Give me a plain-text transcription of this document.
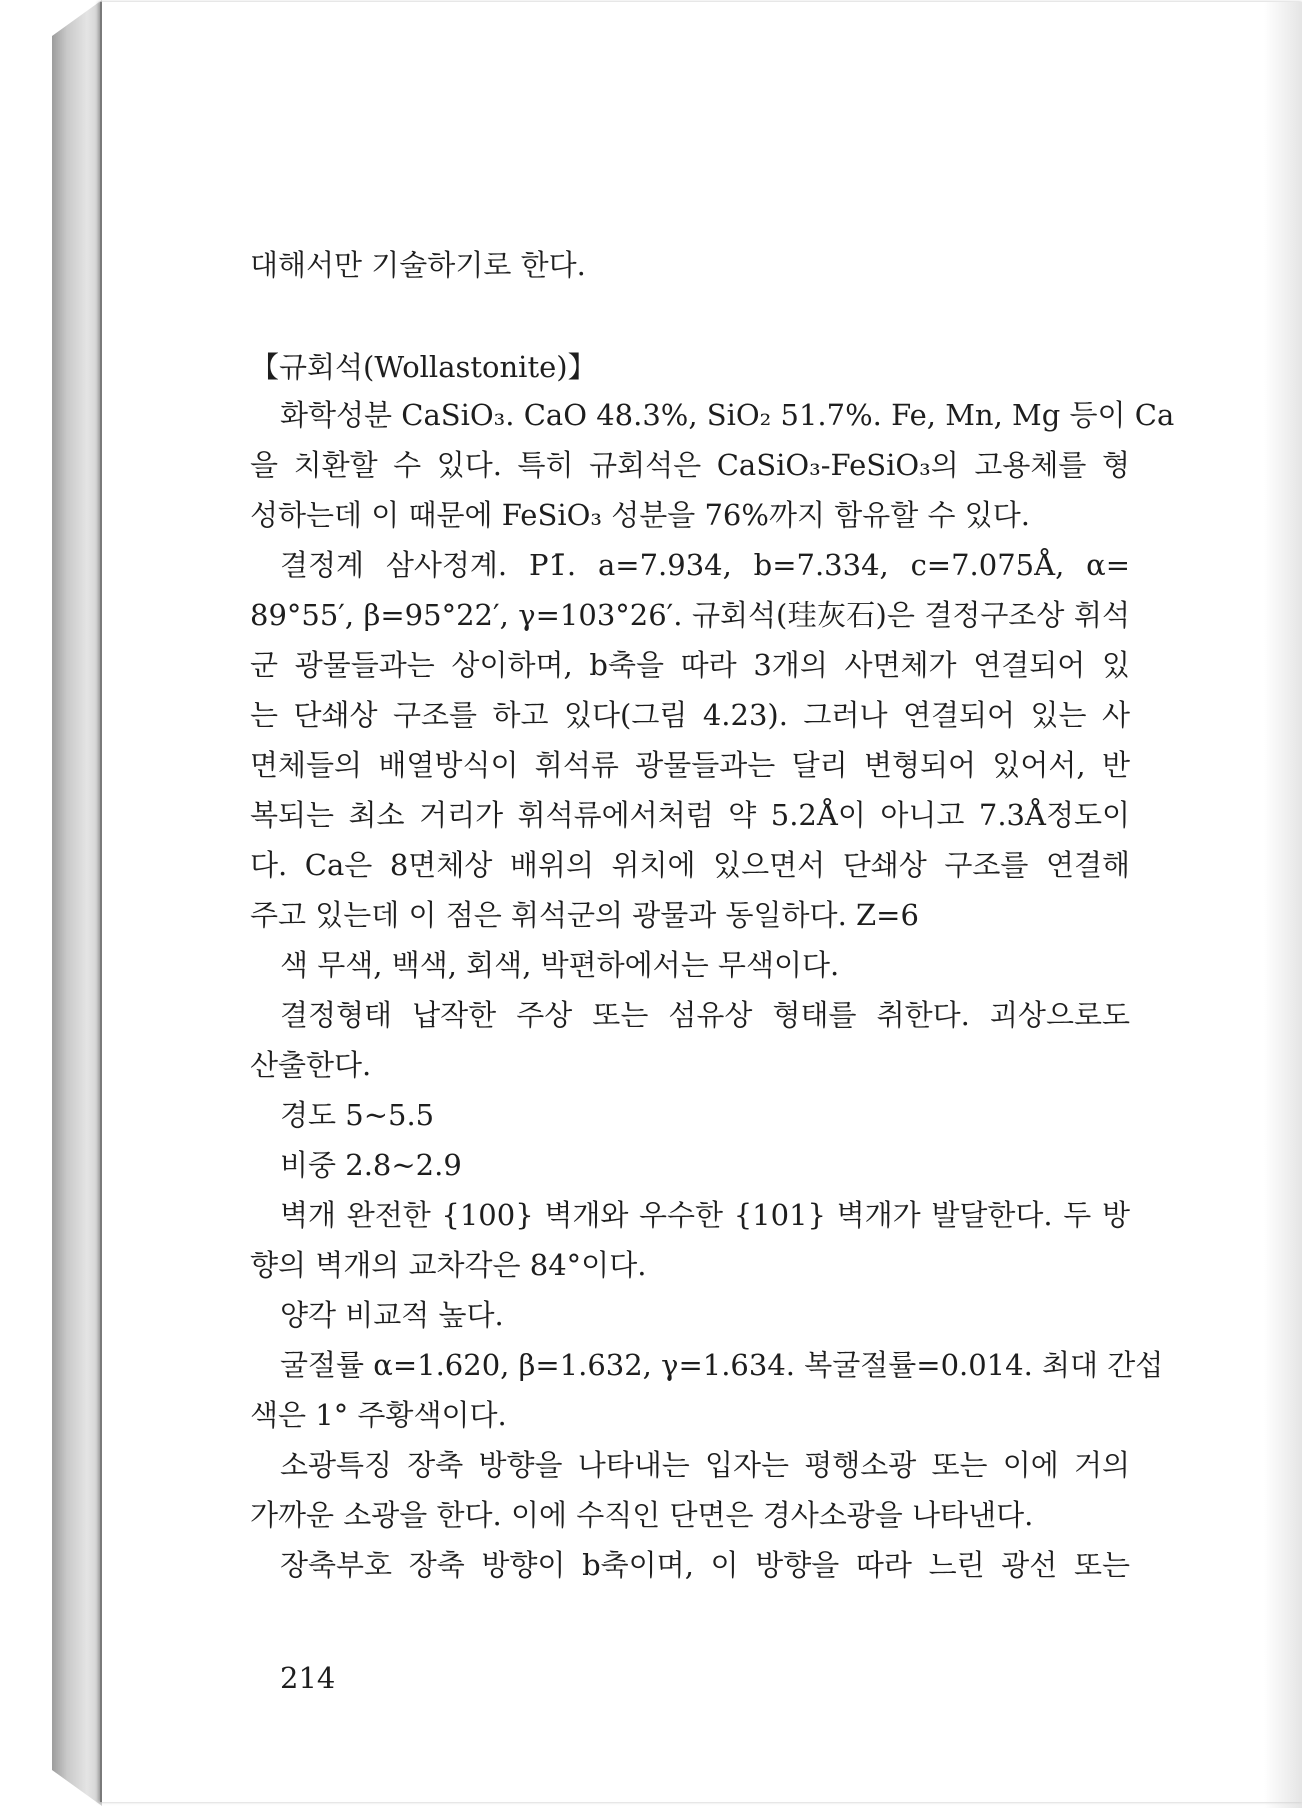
대해서만 기술하기로 한다.
【규회석(Wollastonite)】
화학성분 CaSiO₃. CaO 48.3%, SiO₂ 51.7%. Fe, Mn, Mg 등이 Ca
을 치환할 수 있다. 특히 규회석은 CaSiO₃-FeSiO₃의 고용체를 형
성하는데 이 때문에 FeSiO₃ 성분을 76%까지 함유할 수 있다.
결정계 삼사정계. P1̄. a=7.934, b=7.334, c=7.075Å, α=
89°55′, β=95°22′, γ=103°26′. 규회석(珪灰石)은 결정구조상 휘석
군 광물들과는 상이하며, b축을 따라 3개의 사면체가 연결되어 있
는 단쇄상 구조를 하고 있다(그림 4.23). 그러나 연결되어 있는 사
면체들의 배열방식이 휘석류 광물들과는 달리 변형되어 있어서, 반
복되는 최소 거리가 휘석류에서처럼 약 5.2Å이 아니고 7.3Å정도이
다. Ca은 8면체상 배위의 위치에 있으면서 단쇄상 구조를 연결해
주고 있는데 이 점은 휘석군의 광물과 동일하다. Z=6
색 무색, 백색, 회색, 박편하에서는 무색이다.
결정형태 납작한 주상 또는 섬유상 형태를 취한다. 괴상으로도
산출한다.
경도 5~5.5
비중 2.8~2.9
벽개 완전한 {100} 벽개와 우수한 {101} 벽개가 발달한다. 두 방
향의 벽개의 교차각은 84°이다.
양각 비교적 높다.
굴절률 α=1.620, β=1.632, γ=1.634. 복굴절률=0.014. 최대 간섭
색은 1° 주황색이다.
소광특징 장축 방향을 나타내는 입자는 평행소광 또는 이에 거의
가까운 소광을 한다. 이에 수직인 단면은 경사소광을 나타낸다.
장축부호 장축 방향이 b축이며, 이 방향을 따라 느린 광선 또는
214
